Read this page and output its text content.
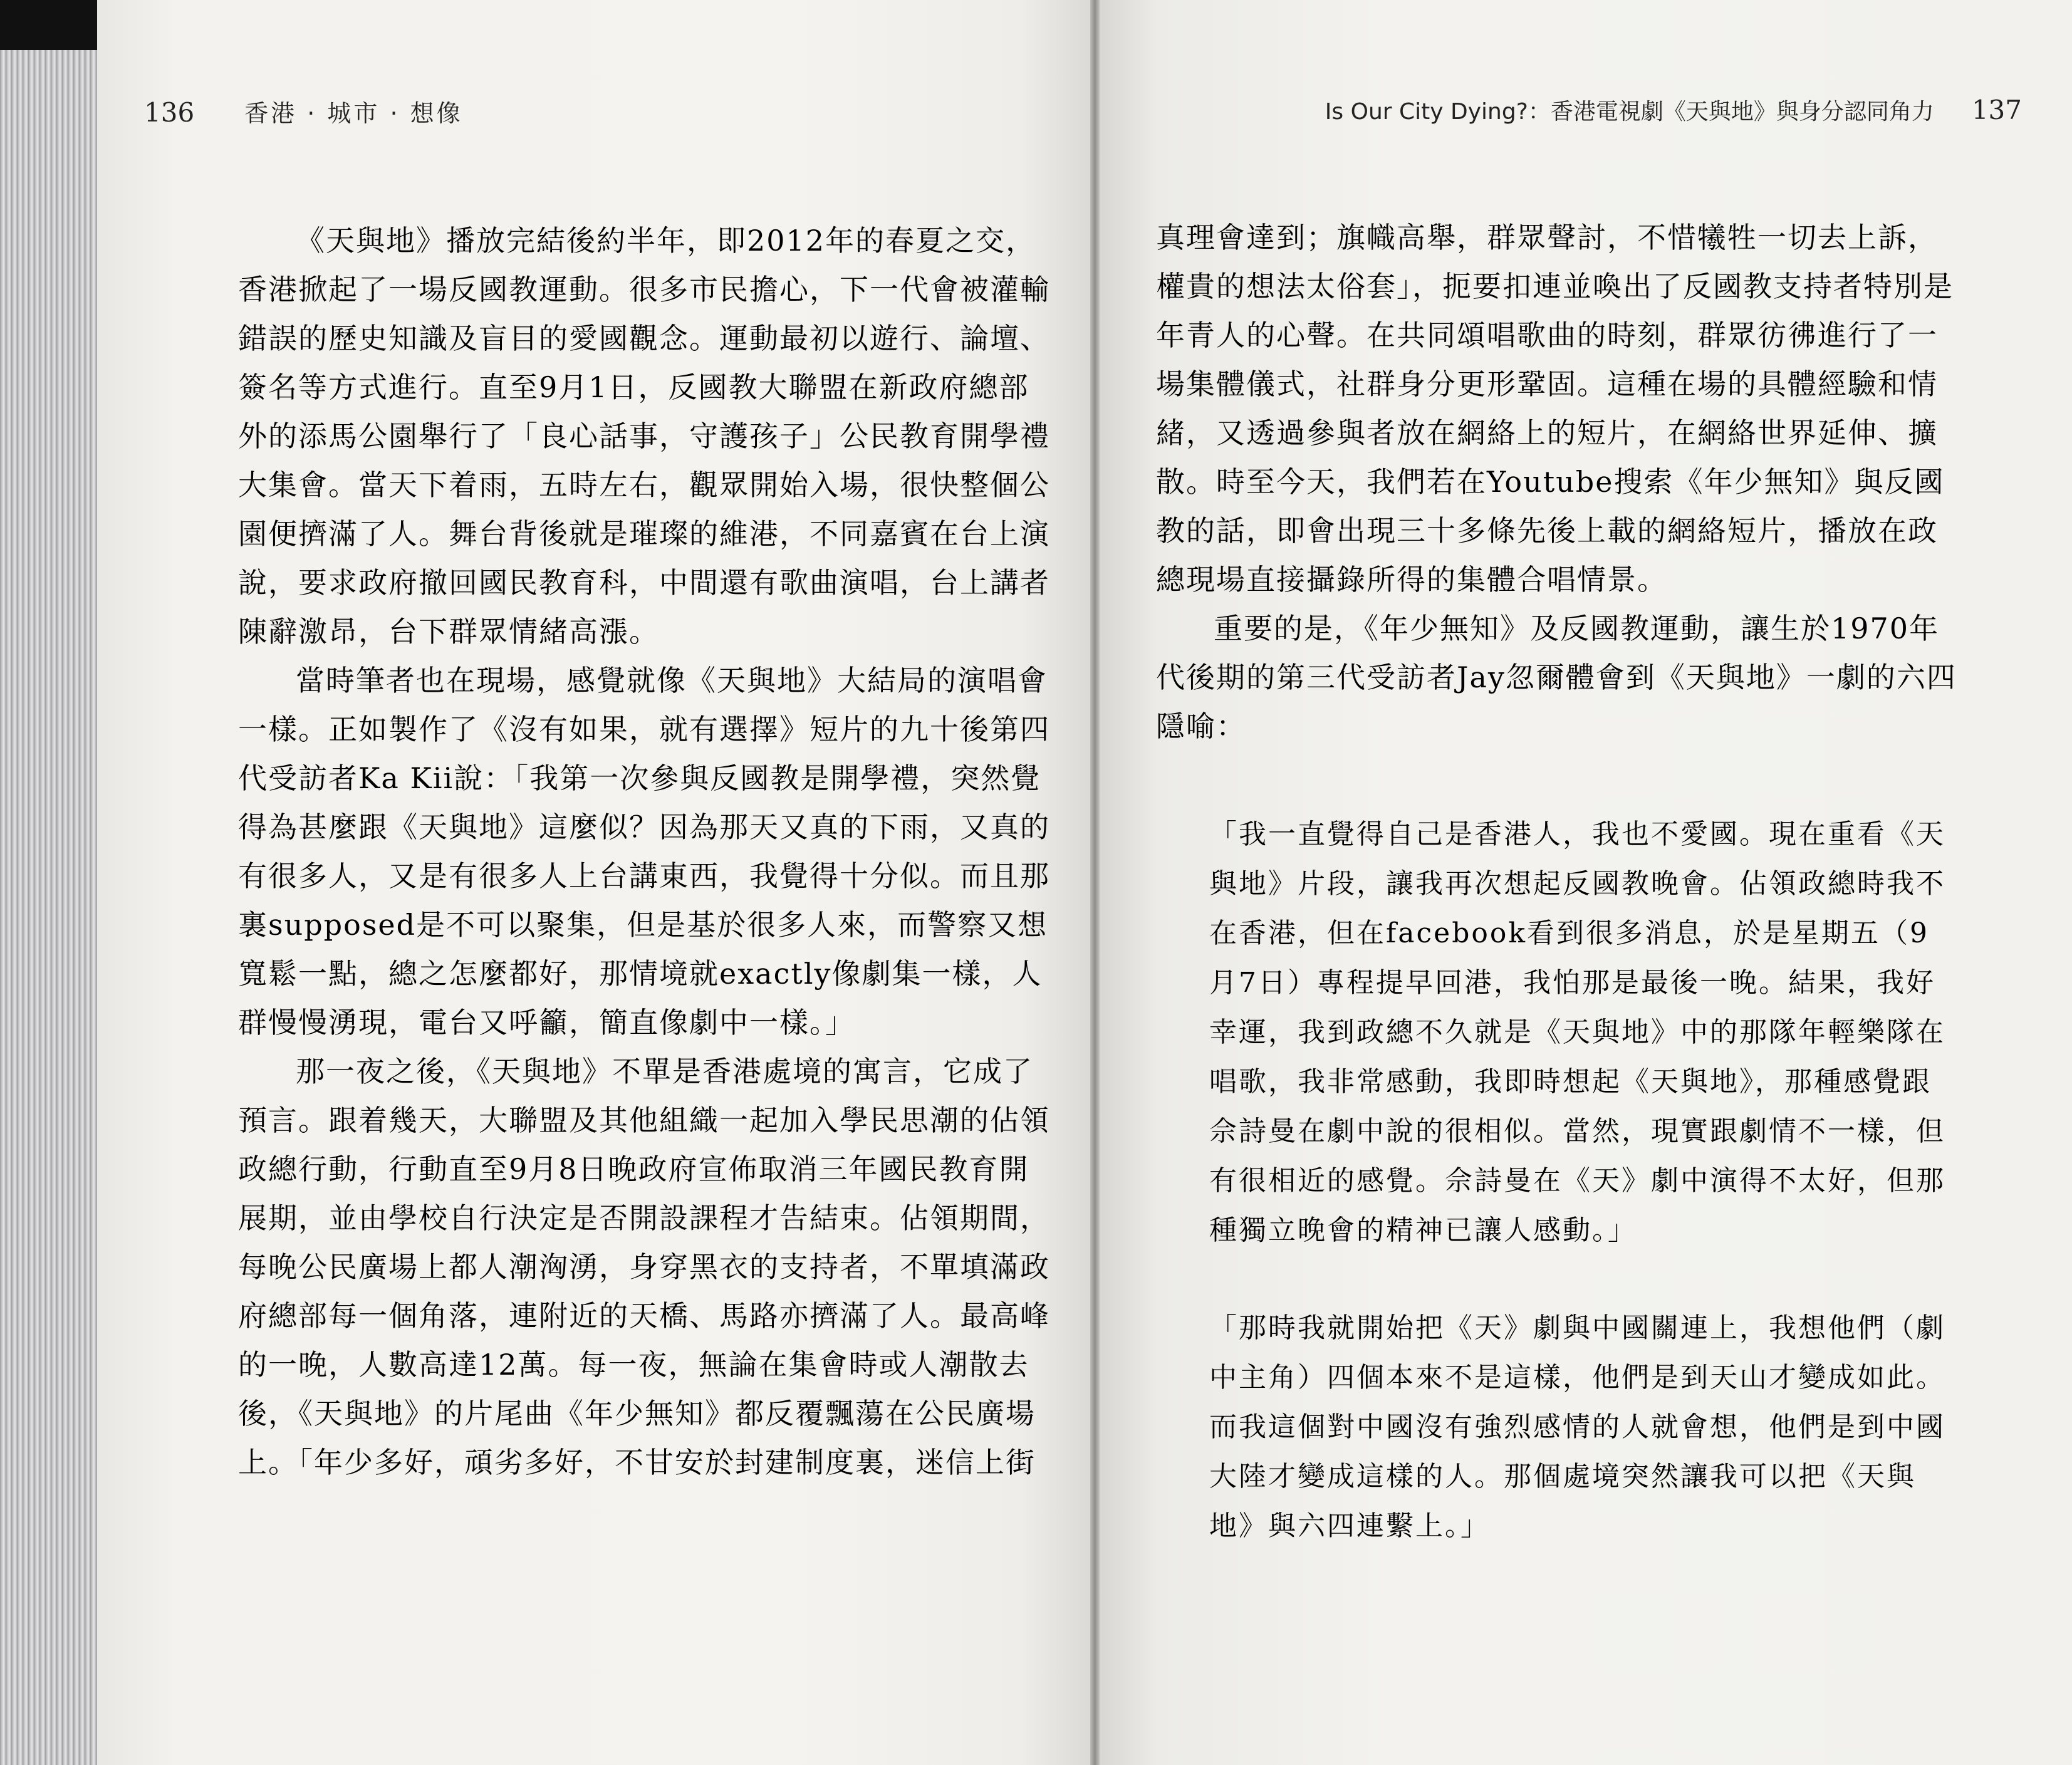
136 香港 · 城市 · 想像	Is Our City Dying?：香港電視劇《天與地》與身分認同角力 137

《天與地》播放完結後約半年，即2012年的春夏之交，香港掀起了一場反國教運動。很多市民擔心，下一代會被灌輸錯誤的歷史知識及盲目的愛國觀念。運動最初以遊行、論壇、簽名等方式進行。直至9月1日，反國教大聯盟在新政府總部外的添馬公園舉行了「良心話事，守護孩子」公民教育開學禮大集會。當天下着雨，五時左右，觀眾開始入場，很快整個公園便擠滿了人。舞台背後就是璀璨的維港，不同嘉賓在台上演說，要求政府撤回國民教育科，中間還有歌曲演唱，台上講者陳辭激昂，台下群眾情緒高漲。

當時筆者也在現場，感覺就像《天與地》大結局的演唱會一樣。正如製作了《沒有如果，就有選擇》短片的九十後第四代受訪者Ka Kii說：「我第一次參與反國教是開學禮，突然覺得為甚麼跟《天與地》這麼似？因為那天又真的下雨，又真的有很多人，又是有很多人上台講東西，我覺得十分似。而且那裏supposed是不可以聚集，但是基於很多人來，而警察又想寬鬆一點，總之怎麼都好，那情境就exactly像劇集一樣，人群慢慢湧現，電台又呼籲，簡直像劇中一樣。」

那一夜之後，《天與地》不單是香港處境的寓言，它成了預言。跟着幾天，大聯盟及其他組織一起加入學民思潮的佔領政總行動，行動直至9月8日晚政府宣佈取消三年國民教育開展期，並由學校自行決定是否開設課程才告結束。佔領期間，每晚公民廣場上都人潮洶湧，身穿黑衣的支持者，不單填滿政府總部每一個角落，連附近的天橋、馬路亦擠滿了人。最高峰的一晚，人數高達12萬。每一夜，無論在集會時或人潮散去後，《天與地》的片尾曲《年少無知》都反覆飄蕩在公民廣場上。「年少多好，頑劣多好，不甘安於封建制度裏，迷信上街

真理會達到；旗幟高舉，群眾聲討，不惜犧牲一切去上訴，權貴的想法太俗套」，扼要扣連並喚出了反國教支持者特別是年青人的心聲。在共同頌唱歌曲的時刻，群眾彷彿進行了一場集體儀式，社群身分更形鞏固。這種在場的具體經驗和情緒，又透過參與者放在網絡上的短片，在網絡世界延伸、擴散。時至今天，我們若在Youtube搜索《年少無知》與反國教的話，即會出現三十多條先後上載的網絡短片，播放在政總現場直接攝錄所得的集體合唱情景。

重要的是，《年少無知》及反國教運動，讓生於1970年代後期的第三代受訪者Jay忽爾體會到《天與地》一劇的六四隱喻：

「我一直覺得自己是香港人，我也不愛國。現在重看《天與地》片段，讓我再次想起反國教晚會。佔領政總時我不在香港，但在facebook看到很多消息，於是星期五（9月7日）專程提早回港，我怕那是最後一晚。結果，我好幸運，我到政總不久就是《天與地》中的那隊年輕樂隊在唱歌，我非常感動，我即時想起《天與地》，那種感覺跟佘詩曼在劇中說的很相似。當然，現實跟劇情不一樣，但有很相近的感覺。佘詩曼在《天》劇中演得不太好，但那種獨立晚會的精神已讓人感動。」

「那時我就開始把《天》劇與中國關連上，我想他們（劇中主角）四個本來不是這樣，他們是到天山才變成如此。而我這個對中國沒有強烈感情的人就會想，他們是到中國大陸才變成這樣的人。那個處境突然讓我可以把《天與地》與六四連繫上。」
